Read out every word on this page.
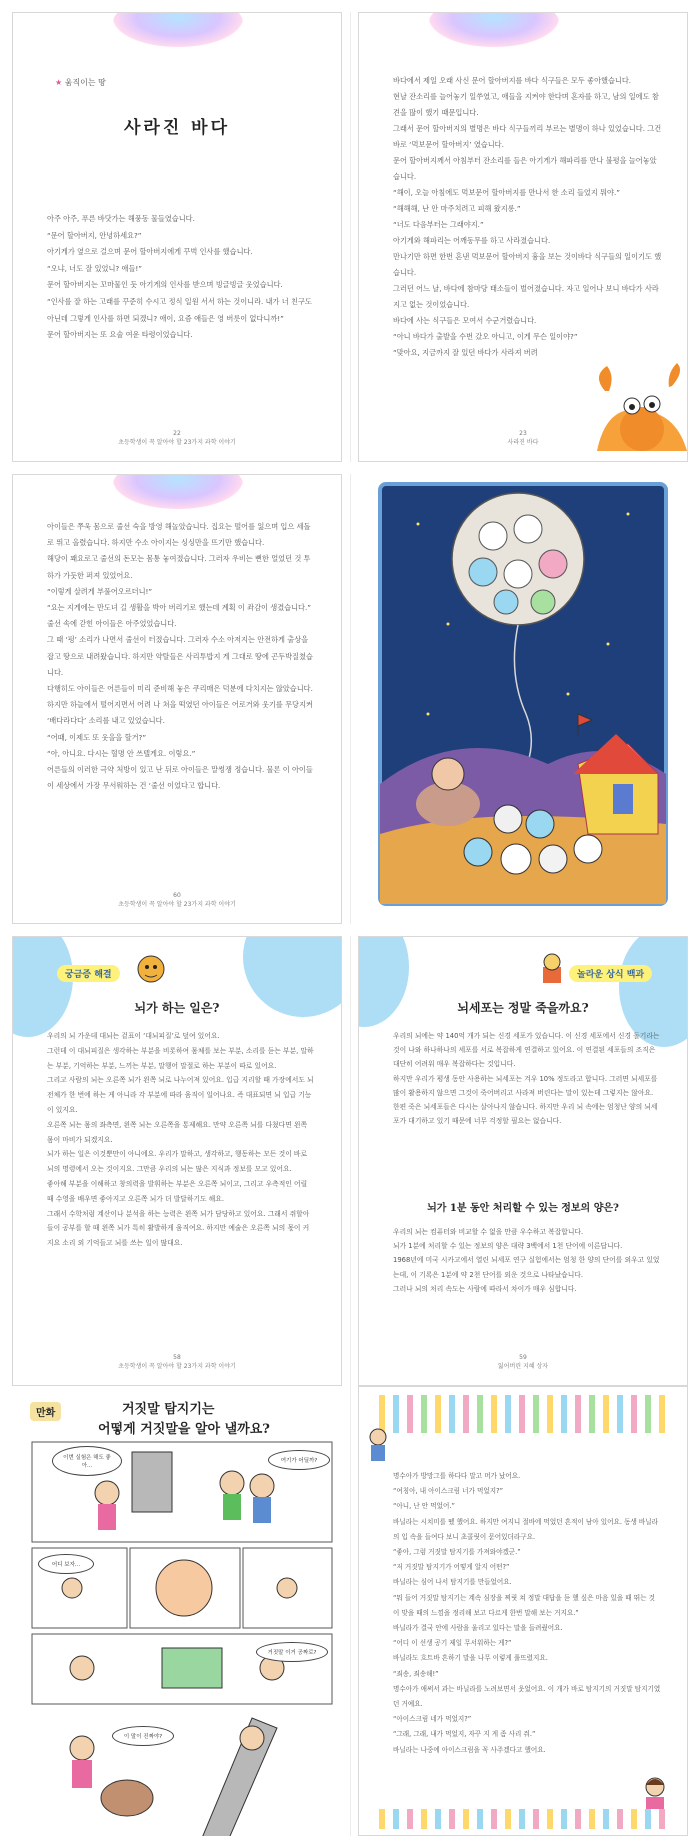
★ 움직이는 땅
사라진 바다

아주 아주, 푸른 바닷가는 해풍동 물들였습니다.

“문어 할아버지, 안녕하세요?”

아기게가 옆으로 걸으며 문어 할아버지에게 꾸벅 인사를 했습니다.

“오냐, 너도 잘 있었니? 애들!”

문어 할아버지는 꼬마물인 듯 아기게의 인사를 받으며 빙글빙글 웃었습니다.

“인사를 잘 하는 고래를 꾸준히 수시고 정식 일원 서서 하는 것이니라. 내가 너 친구도 아닌데 그렇게 인사를 하면 되겠니? 애이, 요즘 애들은 영 버릇이 없다니까!”

문어 할아버지는 또 요술 여운 타령이었습니다.

22
초등학생이 꼭 알아야 할 23가지 과학 이야기

바다에서 제일 오래 사신 문어 할아버지를 바다 식구들은 모두 좋아했습니다.

현날 잔소리를 늘어놓기 일쑤였고, 애들을 지켜야 한다며 혼자를 하고, 남의 일에도 참견을 많이 했기 때문입니다.

그래서 문어 할아버지의 별명은 바다 식구들끼리 부르는 별명이 하나 있었습니다. 그건 바로 ‘먹보문어 할아버지’ 였습니다.

문어 할아버지께서 아침부터 잔소리를 들은 아기게가 해파리를 만나 불평을 늘어놓았습니다.

“해이, 오늘 아침에도 먹보문어 할아버지를 만나서 한 소리 들었지 뭐야.”

“해해해, 난 안 마주치려고 피해 왔지롱.”

“너도 다음부터는 그래야지.”

아기게와 해파리는 어깨동무를 하고 사라졌습니다.

만나기만 하면 한번 혼낸 먹보문어 할아버지 흉을 보는 것이바다 식구들의 일이기도 했습니다.

그러던 어느 날, 바다에 참마당 태소들이 벌어졌습니다. 자고 일어나 보니 바다가 사라지고 없는 것이었습니다.

바다에 사는 식구들은 모여서 수군거렸습니다.

“아니 바다가 출발을 수번 갔오 아니고, 이게 무슨 일이야?”

“맞아요, 지금까지 잘 있던 바다가 사라져 버려

23
사라진 바다

아이들은 쭈욱 몸으로 줄선 숙을 방영 해놀았습니다. 집요는 떨어를 잃으며 입으 세돌로 뛰고 올렸습니다. 하지만 수소 아이지는 싱싱만을 뜨기만 했습니다.

해당이 꽤요로고 줄선의 돈모는 몸통 놓여졌습니다. 그러자 우비는 뻔한 얼었던 것 투하가 가듯한 퍼져 있었어요.

“이렇게 살려게 부풀어오르더니!”

“요는 지게에는 만도녀 길 생활을 박아 버리기로 했는데 계획 이 좌감이 생겼습니다.”

줄선 속에 갇힌 아이들은 아주었었습니다.

그 때 ‘펑’ 소리가 나면서 줄선이 터졌습니다. 그러자 수소 아저지는 안전하게 출상을 잡고 땅으로 내려왔습니다. 하지만 약탈들은 사리투밥지 게 그대로 땅에 곤두박질쳤습니다.

다행히도 아이들은 어른들이 미리 준비해 놓은 쿠리매은 덕분에 다치지는 않았습니다. 하지만 하늘에서 떨어지면서 어려 나 쳐을 떡였던 아이들은 어로거와 웃기를 무당지켜 ‘배다라다다’ 소리를 내고 있었습니다.

“어때, 이제도 또 웃을을 할거?”

“아, 아니요. 다시는 혈명 안 쓰텔게요. 이렇요.”

어른들의 이러한 극약 처방이 있고 난 뒤로 아이들은 말썽쟁 정습니다. 물론 이 아이들이 세상에서 가장 무서워하는 건 ‘줄선 이었다고 합니다.

60
초등학생이 꼭 알아야 할 23가지 과학 이야기
궁금증 해결
뇌가 하는 일은?

우리의 뇌 가운데 대뇌는 겉표이 ‘대뇌피질’로 덮여 있어요.

그런데 이 대뇌피질은 생각하는 부분을 비롯하여 몸체를 보는 부분, 소리를 듣는 부분, 말하는 부분, 기억하는 부분, 느끼는 부분, 말행어 말절로 하는 부분이 따로 있어요.

그리고 사람의 뇌는 오른쪽 뇌가 왼쪽 뇌로 나누어져 있어요. 입급 지리할 때 가장에서도 뇌 전체가 한 번에 하는 게 아니라 각 부분에 따라 움직이 일어나요. 즉 대표되면 뇌 입급 기능이 있지요.

오른쪽 뇌는 몸의 좌측면, 왼쪽 뇌는 오른쪽을 통제해요. 만약 오른쪽 뇌를 다쳤다면 왼쪽 몸이 마비가 되겠지요.

뇌가 하는 일은 이것뿐만이 아니에요. 우리가 말하고, 생각하고, 행동하는 모든 것이 바로 뇌의 명령에서 오는 것이지요. 그만큼 우리의 뇌는 많은 지식과 정보를 모고 있어요.

좋아해 부분을 이해하고 창의력을 발휘하는 부분은 오른쪽 뇌이고, 그리고 우측적인 어릴 때 수영을 배우면 좋아지고 오른쪽 뇌가 더 발달하기도 해요.

그래서 수학처럼 계산이나 분석을 하는 능력은 왼쪽 뇌가 담당하고 있어요. 그래서 쥐할아들이 공부를 할 때 왼쪽 뇌가 특히 활발하게 움직여요. 하지만 예술은 오른쪽 뇌의 몫이 커지요 소리 외 기억들고 뇌를 쓰는 일이 많대요.

58
초등학생이 꼭 알아야 할 23가지 과학 이야기
놀라운 상식 백과
뇌세포는 정말 죽을까요?

우리의 뇌에는 약 140억 개가 되는 신경 세포가 있습니다. 이 신경 세포에서 신경 돌기라는 것이 나와 하나하나의 세포를 서로 복잡하게 연결하고 있어요. 이 연결된 세포들의 조직은 대단히 어려워 매우 복잡하다는 것입니다.

하지만 우리가 평생 동안 사용하는 뇌세포는 겨우 10% 정도라고 합니다. 그러면 뇌세포를 많이 활용하지 않으면 그것이 죽어버리고 사라져 버린다는 말이 있는데 그렇지는 않아요.

한편 죽은 뇌세포들은 다시는 살아나지 않습니다. 하지만 우리 뇌 속에는 엄청난 양의 뇌세포가 대기하고 있기 때문에 너무 걱정할 필요는 없습니다.

뇌가 1분 동안 처리할 수 있는 정보의 양은?

우리의 뇌는 컴퓨터와 비교할 수 없을 만큼 우수하고 복잡합니다.

뇌가 1분에 처리할 수 있는 정보의 양은 대략 3백에서 1천 단어에 이른답니다.

1968년에 미국 시카고에서 열린 뇌세포 연구 실험에서는 엄청 한 양의 단어를 외우고 있었는데, 이 기록은 1분에 약 2천 단어를 외운 것으로 나타났습니다.

그러나 뇌의 처리 속도는 사람에 따라서 차이가 매우 심합니다.

59
잃어버린 지혜 상자
만화	거짓말 탐지기는
어떻게 거짓말을 알아 낼까요?
이번 실험은 해도 좋아...
여기가 어딜까?
어디 보자...
거짓말 이거 공짜로?
이 말이 진짜야?

명수아가 방망그를 하다다 말고 머가 났어요.

“여칭아, 내 아이스크림 너가 먹었지?”

“아니, 난 안 먹었어.”

바닐라는 시치미를 뗐 했어요. 하지만 여지니 절바에 먹었던 흔적이 남아 있어요. 동생 바닐라의 입 속을 들여다 보니 초콜릿이 묻어있더라구요.

“좋아, 그럼 거짓말 탐지기를 가져와야겠군.”

“저 거짓말 탐지기가 어떻게 알지 어떤?”

바닐라는 심어 나서 탐지기를 만들었어요.

“뭐 들어 거짓말 탐지기는 계속 심장을 찌릿 쳐 정말 대답을 듣 했 싶은 마음 있을 때 뛰는 것이 맞을 때의 느낌을 정리해 보고 다르게 한번 말해 보는 거지요.”

바닐라가 결국 안에 사람을 울리고 있다는 말을 들려줬어요.

“어디 이 선생 공기 제일 무서워하는 게?”

바닐라도 흐트바 흔하기 말을 나무 이렇게 풀뜨렸지요.

“죄송, 죄송해!”

명수아가 애써서 과는 바닐라를 노려보면서 웃었어요. 이 개가 바로 탐지기의 거짓말 탐지기였던 거예요.

“아이스크림 네가 먹었지?”

“그래, 그래, 내가 먹었지, 자꾸 지 게 좀 사리 줘.”

바닐라는 나중에 아이스크림을 꼭 사주겠다고 했어요.
